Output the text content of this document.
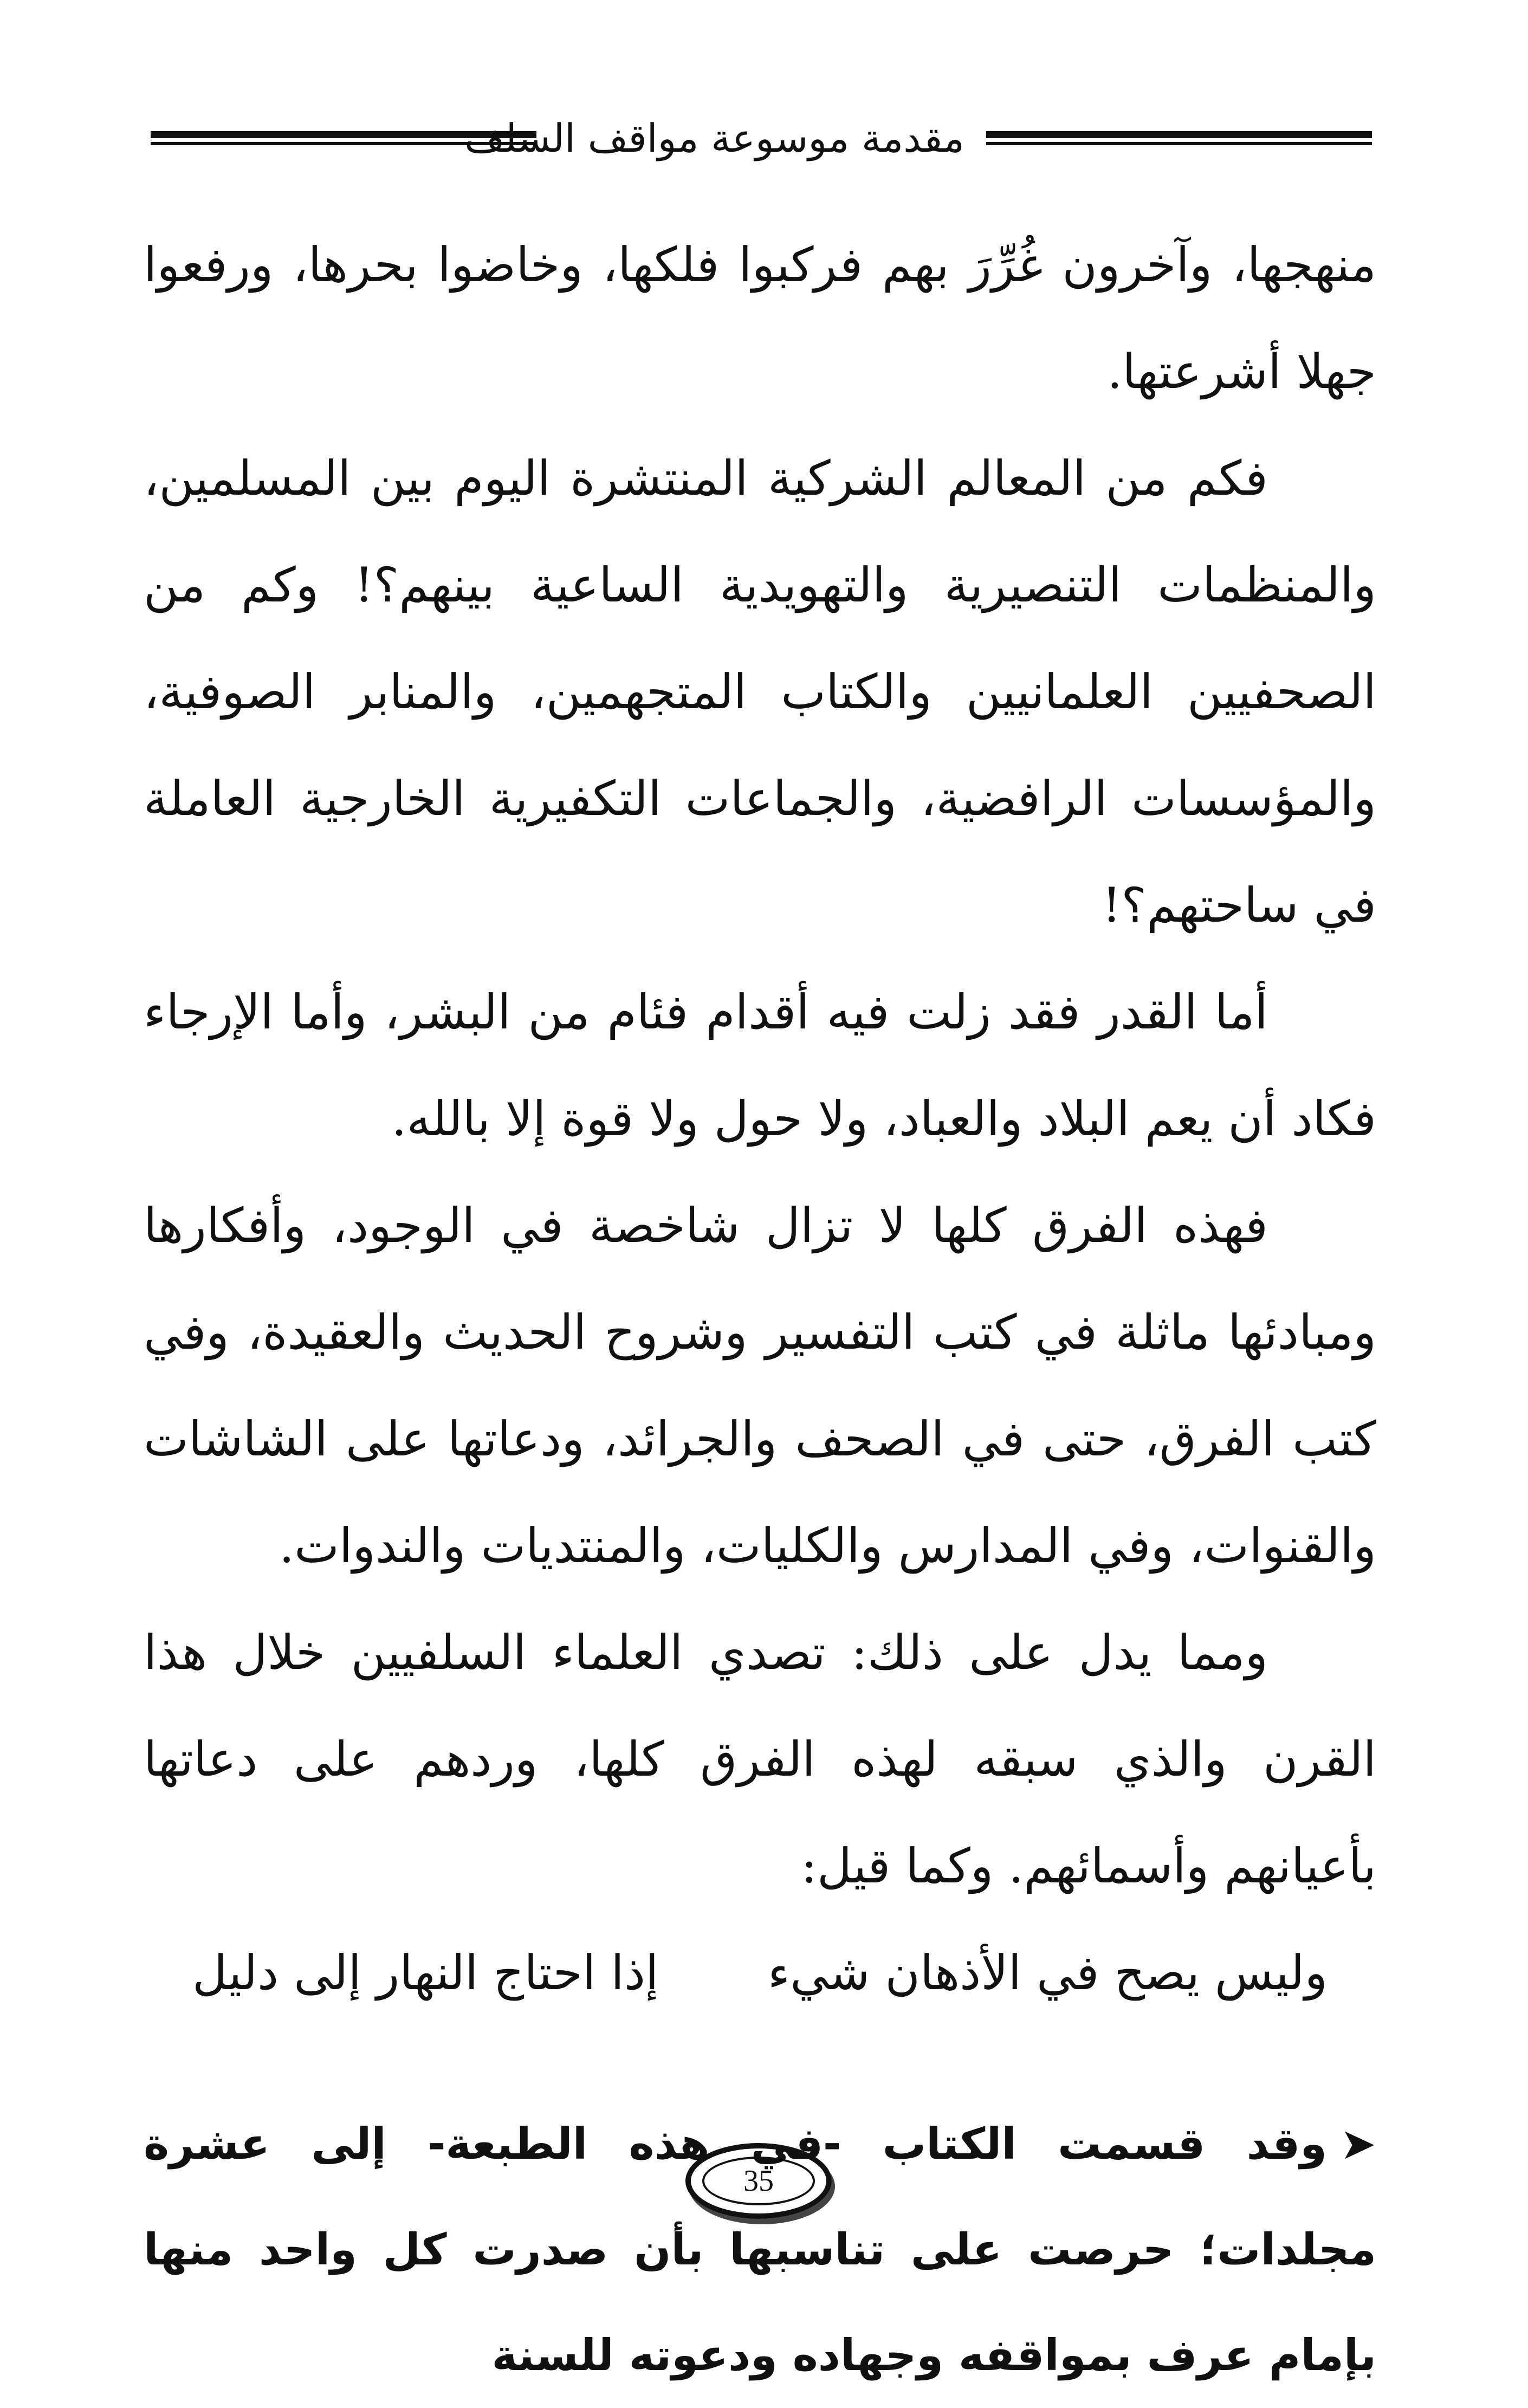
مقدمة موسوعة مواقف السلف

منهجها، وآخرون غُرِّرَ بهم فركبوا فلكها، وخاضوا بحرها، ورفعوا جهلا أشرعتها.

فكم من المعالم الشركية المنتشرة اليوم بين المسلمين، والمنظمات التنصيرية والتهويدية الساعية بينهم؟! وكم من الصحفيين العلمانيين والكتاب المتجهمين، والمنابر الصوفية، والمؤسسات الرافضية، والجماعات التكفيرية الخارجية العاملة في ساحتهم؟!

أما القدر فقد زلت فيه أقدام فئام من البشر، وأما الإرجاء فكاد أن يعم البلاد والعباد، ولا حول ولا قوة إلا بالله.

فهذه الفرق كلها لا تزال شاخصة في الوجود، وأفكارها ومبادئها ماثلة في كتب التفسير وشروح الحديث والعقيدة، وفي كتب الفرق، حتى في الصحف والجرائد، ودعاتها على الشاشات والقنوات، وفي المدارس والكليات، والمنتديات والندوات.

ومما يدل على ذلك: تصدي العلماء السلفيين خلال هذا القرن والذي سبقه لهذه الفرق كلها، وردهم على دعاتها بأعيانهم وأسمائهم. وكما قيل:

وليس يصح في الأذهان شيء
إذا احتاج النهار إلى دليل

➤وقد قسمت الكتاب -في هذه الطبعة- إلى عشرة مجلدات؛ حرصت على تناسبها بأن صدرت كل واحد منها بإمام عرف بمواقفه وجهاده ودعوته للسنة

35
